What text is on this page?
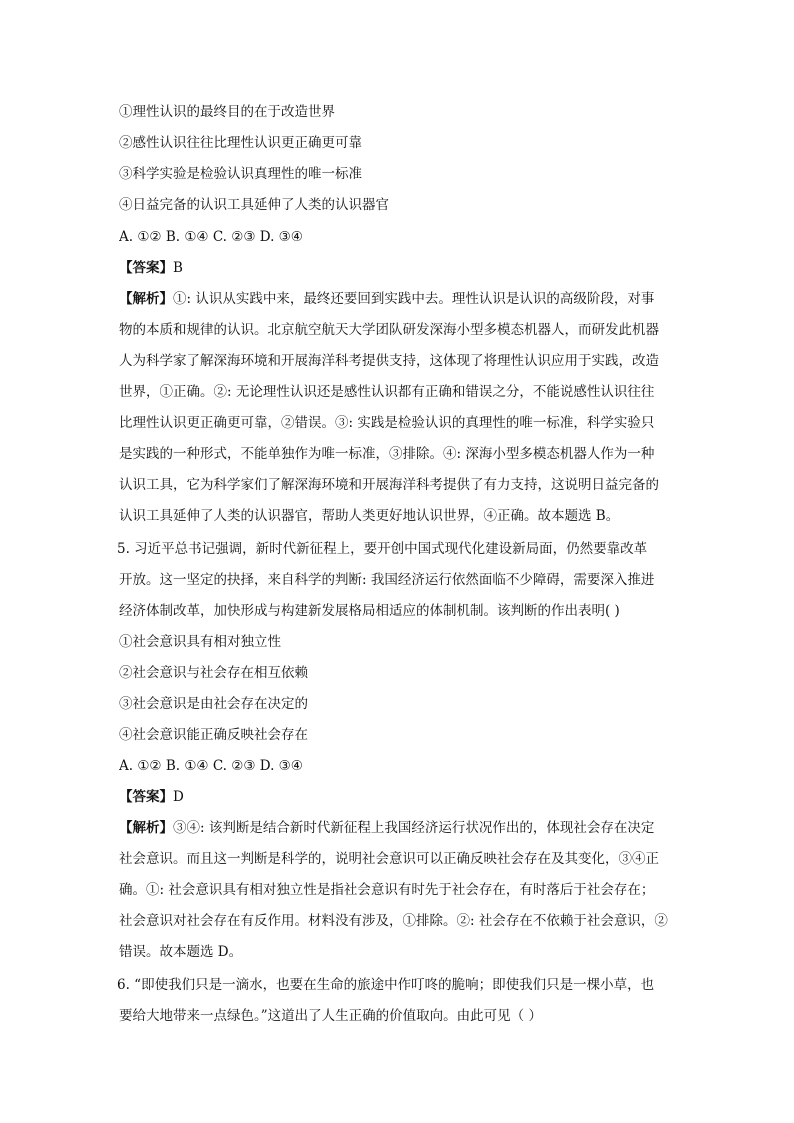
①理性认识的最终目的在于改造世界
②感性认识往往比理性认识更正确更可靠
③科学实验是检验认识真理性的唯一标准
④日益完备的认识工具延伸了人类的认识器官
A. ①② B. ①④ C. ②③ D. ③④
【答案】B
【解析】①: 认识从实践中来，最终还要回到实践中去。理性认识是认识的高级阶段，对事
物的本质和规律的认识。北京航空航天大学团队研发深海小型多模态机器人，而研发此机器
人为科学家了解深海环境和开展海洋科考提供支持，这体现了将理性认识应用于实践，改造
世界，①正确。②: 无论理性认识还是感性认识都有正确和错误之分，不能说感性认识往往
比理性认识更正确更可靠，②错误。③: 实践是检验认识的真理性的唯一标准，科学实验只
是实践的一种形式，不能单独作为唯一标准，③排除。④: 深海小型多模态机器人作为一种
认识工具，它为科学家们了解深海环境和开展海洋科考提供了有力支持，这说明日益完备的
认识工具延伸了人类的认识器官，帮助人类更好地认识世界，④正确。故本题选 B。
5. 习近平总书记强调，新时代新征程上，要开创中国式现代化建设新局面，仍然要靠改革
开放。这一坚定的抉择，来自科学的判断: 我国经济运行依然面临不少障碍，需要深入推进
经济体制改革，加快形成与构建新发展格局相适应的体制机制。该判断的作出表明( )
①社会意识具有相对独立性
②社会意识与社会存在相互依赖
③社会意识是由社会存在决定的
④社会意识能正确反映社会存在
A. ①② B. ①④ C. ②③ D. ③④
【答案】D
【解析】③④: 该判断是结合新时代新征程上我国经济运行状况作出的，体现社会存在决定
社会意识。而且这一判断是科学的，说明社会意识可以正确反映社会存在及其变化，③④正
确。①: 社会意识具有相对独立性是指社会意识有时先于社会存在，有时落后于社会存在；
社会意识对社会存在有反作用。材料没有涉及，①排除。②: 社会存在不依赖于社会意识，②
错误。故本题选 D。
6. “即使我们只是一滴水，也要在生命的旅途中作叮咚的脆响；即使我们只是一棵小草，也
要给大地带来一点绿色。”这道出了人生正确的价值取向。由此可见（ ）
